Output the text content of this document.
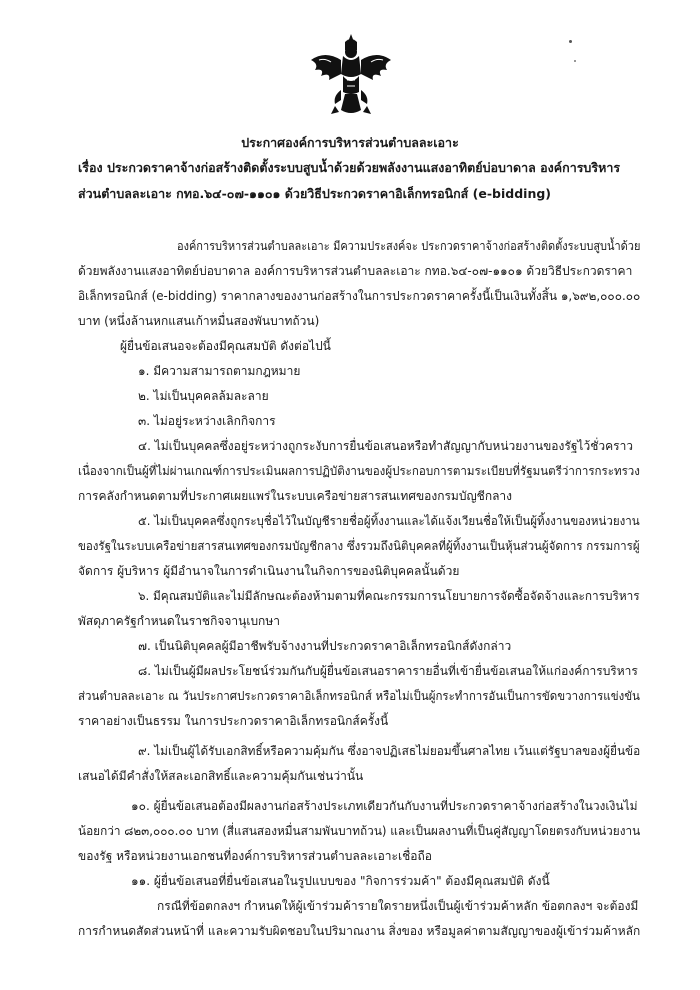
ประกาศองค์การบริหารส่วนตำบลละเอาะ
เรื่อง ประกวดราคาจ้างก่อสร้างติดตั้งระบบสูบน้ำด้วยด้วยพลังงานแสงอาทิตย์บ่อบาดาล องค์การบริหารส่วนตำบลละเอาะ กทอ.๖๔-๐๗-๑๑๐๑ ด้วยวิธีประกวดราคาอิเล็กทรอนิกส์ (e-bidding)
องค์การบริหารส่วนตำบลละเอาะ มีความประสงค์จะ ประกวดราคาจ้างก่อสร้างติดตั้งระบบสูบน้ำด้วย
ด้วยพลังงานแสงอาทิตย์บ่อบาดาล องค์การบริหารส่วนตำบลละเอาะ กทอ.๖๔-๐๗-๑๑๐๑ ด้วยวิธีประกวดราคา
อิเล็กทรอนิกส์ (e-bidding) ราคากลางของงานก่อสร้างในการประกวดราคาครั้งนี้เป็นเงินทั้งสิ้น ๑,๖๙๒,๐๐๐.๐๐
บาท (หนึ่งล้านหกแสนเก้าหมื่นสองพันบาทถ้วน)
ผู้ยื่นข้อเสนอจะต้องมีคุณสมบัติ ดังต่อไปนี้
๑. มีความสามารถตามกฎหมาย
๒. ไม่เป็นบุคคลล้มละลาย
๓. ไม่อยู่ระหว่างเลิกกิจการ
๔. ไม่เป็นบุคคลซึ่งอยู่ระหว่างถูกระงับการยื่นข้อเสนอหรือทำสัญญากับหน่วยงานของรัฐไว้ชั่วคราว
เนื่องจากเป็นผู้ที่ไม่ผ่านเกณฑ์การประเมินผลการปฏิบัติงานของผู้ประกอบการตามระเบียบที่รัฐมนตรีว่าการกระทรวง
การคลังกำหนดตามที่ประกาศเผยแพร่ในระบบเครือข่ายสารสนเทศของกรมบัญชีกลาง
๕. ไม่เป็นบุคคลซึ่งถูกระบุชื่อไว้ในบัญชีรายชื่อผู้ทิ้งงานและได้แจ้งเวียนชื่อให้เป็นผู้ทิ้งงานของหน่วยงาน
ของรัฐในระบบเครือข่ายสารสนเทศของกรมบัญชีกลาง ซึ่งรวมถึงนิติบุคคลที่ผู้ทิ้งงานเป็นหุ้นส่วนผู้จัดการ กรรมการผู้
จัดการ ผู้บริหาร ผู้มีอำนาจในการดำเนินงานในกิจการของนิติบุคคลนั้นด้วย
๖. มีคุณสมบัติและไม่มีลักษณะต้องห้ามตามที่คณะกรรมการนโยบายการจัดซื้อจัดจ้างและการบริหาร
พัสดุภาครัฐกำหนดในราชกิจจานุเบกษา
๗. เป็นนิติบุคคลผู้มีอาชีพรับจ้างงานที่ประกวดราคาอิเล็กทรอนิกส์ดังกล่าว
๘. ไม่เป็นผู้มีผลประโยชน์ร่วมกันกับผู้ยื่นข้อเสนอราคารายอื่นที่เข้ายื่นข้อเสนอให้แก่องค์การบริหาร
ส่วนตำบลละเอาะ ณ วันประกาศประกวดราคาอิเล็กทรอนิกส์ หรือไม่เป็นผู้กระทำการอันเป็นการขัดขวางการแข่งขัน
ราคาอย่างเป็นธรรม ในการประกวดราคาอิเล็กทรอนิกส์ครั้งนี้
๙. ไม่เป็นผู้ได้รับเอกสิทธิ์หรือความคุ้มกัน ซึ่งอาจปฏิเสธไม่ยอมขึ้นศาลไทย เว้นแต่รัฐบาลของผู้ยื่นข้อ
เสนอได้มีคำสั่งให้สละเอกสิทธิ์และความคุ้มกันเช่นว่านั้น
๑๐. ผู้ยื่นข้อเสนอต้องมีผลงานก่อสร้างประเภทเดียวกันกับงานที่ประกวดราคาจ้างก่อสร้างในวงเงินไม่
น้อยกว่า ๘๒๓,๐๐๐.๐๐ บาท (สี่แสนสองหมื่นสามพันบาทถ้วน) และเป็นผลงานที่เป็นคู่สัญญาโดยตรงกับหน่วยงาน
ของรัฐ หรือหน่วยงานเอกชนที่องค์การบริหารส่วนตำบลละเอาะเชื่อถือ
๑๑. ผู้ยื่นข้อเสนอที่ยื่นข้อเสนอในรูปแบบของ "กิจการร่วมค้า" ต้องมีคุณสมบัติ ดังนี้
กรณีที่ข้อตกลงฯ กำหนดให้ผู้เข้าร่วมค้ารายใดรายหนึ่งเป็นผู้เข้าร่วมค้าหลัก ข้อตกลงฯ จะต้องมี
การกำหนดสัดส่วนหน้าที่ และความรับผิดชอบในปริมาณงาน สิ่งของ หรือมูลค่าตามสัญญาของผู้เข้าร่วมค้าหลัก
